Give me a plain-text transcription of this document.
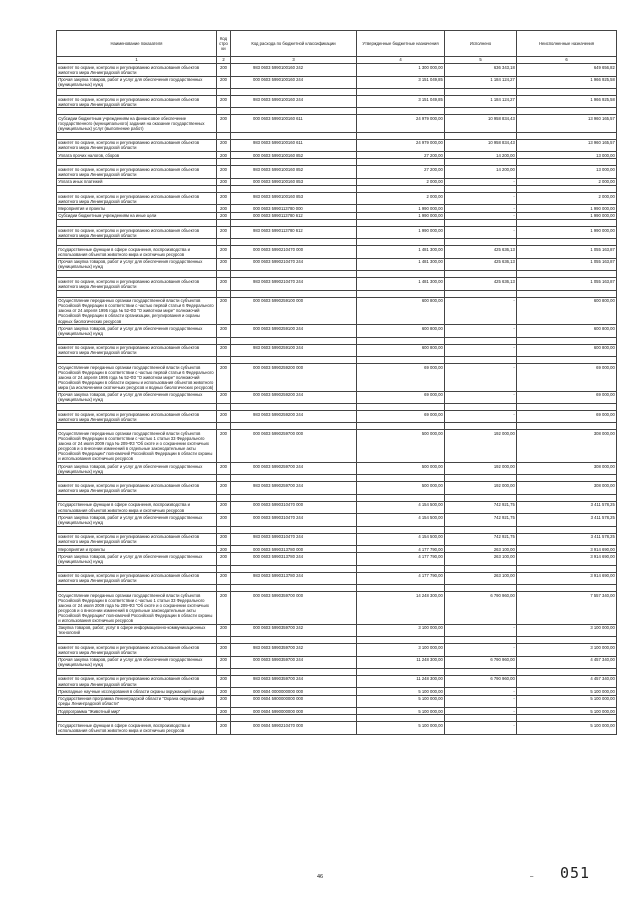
Наименование показателя	Код стро ки	Код расхода по бюджетной классификации	Утвержденные бюджетные назначения	Исполнено	Неисполненные назначения
1	2	3	4	5	6
комитет по охране, контролю и регулированию использования объектов животного мира Ленинградской области	200	983 0603 5990100160 242	1 300 000,00	636 343,18	649 656,82
Прочая закупка товаров, работ и услуг для обеспечения государственных (муниципальных) нужд	200	000 0603 5990100160 244	3 151 049,85	1 184 124,27	1 966 925,58

комитет по охране, контролю и регулированию использования объектов животного мира Ленинградской области	200	983 0603 5990100160 244	3 151 049,85	1 184 124,27	1 966 925,58

Субсидии бюджетным учреждениям на финансовое обеспечение государственного (муниципального) задания на оказание государственных (муниципальных) услуг (выполнение работ)	200	000 0603 5990100160 611	24 979 000,00	10 958 834,43	13 960 165,57

комитет по охране, контролю и регулированию использования объектов животного мира Ленинградской области	200	983 0603 5990100160 611	24 979 000,00	10 958 834,43	13 960 165,57
Уплата прочих налогов, сборов	200	000 0603 5990100160 852	27 200,00	14 200,00	13 000,00

комитет по охране, контролю и регулированию использования объектов животного мира Ленинградской области	200	983 0603 5990100160 852	27 200,00	14 200,00	13 000,00
Уплата иных платежей	200	000 0603 5990100160 853	2 000,00	-	2 000,00

комитет по охране, контролю и регулированию использования объектов животного мира Ленинградской области	200	983 0603 5990100160 853	2 000,00	-	2 000,00
Мероприятия и проекты	200	000 0603 5990113780 000	1 990 000,00	-	1 990 000,00
Субсидии бюджетным учреждениям на иные цели	200	000 0603 5990113780 612	1 990 000,00	-	1 990 000,00

комитет по охране, контролю и регулированию использования объектов животного мира Ленинградской области	200	983 0603 5990113780 612	1 990 000,00	-	1 990 000,00

Государственные функции в сфере сохранения, воспроизводства и использования объектов животного мира и охотничьих ресурсов	200	000 0603 5990210470 000	1 481 300,00	425 636,13	1 055 163,87
Прочая закупка товаров, работ и услуг для обеспечения государственных (муниципальных) нужд	200	000 0603 5990210470 244	1 481 300,00	425 636,13	1 055 163,87

комитет по охране, контролю и регулированию использования объектов животного мира Ленинградской области	200	983 0603 5990210470 244	1 481 300,00	425 636,13	1 055 163,87

Осуществление переданных органам государственной власти субъектов Российской Федерации в соответствии с частью первой статьи 6 Федерального закона от 24 апреля 1995 года № 52-ФЗ "О животном мире" полномочий Российской Федерации в области организации, регулирования и охраны водных биологических ресурсов	200	000 0603 5990259100 000	600 800,00	-	600 800,00
Прочая закупка товаров, работ и услуг для обеспечения государственных (муниципальных) нужд	200	000 0603 5990259100 244	600 800,00	-	600 800,00

комитет по охране, контролю и регулированию использования объектов животного мира Ленинградской области	200	983 0603 5990259100 244	600 800,00	-	600 800,00

Осуществление переданных органам государственной власти субъектов Российской Федерации в соответствии с частью первой статьи 6 Федерального закона от 24 апреля 1995 года № 52-ФЗ "О животном мире" полномочий Российской Федерации в области охраны и использования объектов животного мира (за исключением охотничьих ресурсов и водных биологических ресурсов)	200	000 0603 5990259200 000	69 000,00	-	69 000,00
Прочая закупка товаров, работ и услуг для обеспечения государственных (муниципальных) нужд	200	000 0603 5990259200 244	69 000,00	-	69 000,00

комитет по охране, контролю и регулированию использования объектов животного мира Ленинградской области	200	983 0603 5990259200 244	69 000,00	-	69 000,00

Осуществление переданных органам государственной власти субъектов Российской Федерации в соответствии с частью 1 статьи 33 Федерального закона от 24 июля 2009 года № 209-ФЗ "Об охоте и о сохранении охотничьих ресурсов и о внесении изменений в отдельные законодательные акты Российской Федерации" полномочий Российской Федерации в области охраны и использования охотничьих ресурсов	200	000 0603 5990259700 000	500 000,00	192 000,00	308 000,00
Прочая закупка товаров, работ и услуг для обеспечения государственных (муниципальных) нужд	200	000 0603 5990259700 244	500 000,00	192 000,00	308 000,00

комитет по охране, контролю и регулированию использования объектов животного мира Ленинградской области	200	983 0603 5990259700 244	500 000,00	192 000,00	308 000,00

Государственные функции в сфере сохранения, воспроизводства и использования объектов животного мира и охотничьих ресурсов	200	000 0603 5990310470 000	4 154 500,00	742 921,75	3 411 578,25
Прочая закупка товаров, работ и услуг для обеспечения государственных (муниципальных) нужд	200	000 0603 5990310470 244	4 154 500,00	742 921,75	3 411 578,25

комитет по охране, контролю и регулированию использования объектов животного мира Ленинградской области	200	983 0603 5990310470 244	4 154 500,00	742 921,75	3 411 578,25
Мероприятия и проекты	200	000 0603 5990313780 000	4 177 790,00	263 100,00	3 914 690,00
Прочая закупка товаров, работ и услуг для обеспечения государственных (муниципальных) нужд	200	000 0603 5990313780 244	4 177 790,00	263 100,00	3 914 690,00

комитет по охране, контролю и регулированию использования объектов животного мира Ленинградской области	200	983 0603 5990313780 244	4 177 790,00	263 100,00	3 914 690,00

Осуществление переданных органам государственной власти субъектов Российской Федерации в соответствии с частью 1 статьи 33 Федерального закона от 24 июля 2009 года № 209-ФЗ "Об охоте и о сохранении охотничьих ресурсов и о внесении изменений в отдельные законодательные акты Российской Федерации" полномочий Российской Федерации в области охраны и использования охотничьих ресурсов	200	000 0603 5990359700 000	14 248 300,00	6 790 960,00	7 557 340,00
Закупка товаров, работ, услуг в сфере информационно-коммуникационных технологий	200	000 0603 5990359700 242	3 100 000,00	-	3 100 000,00

комитет по охране, контролю и регулированию использования объектов животного мира Ленинградской области	200	983 0603 5990359700 242	3 100 000,00	-	3 100 000,00
Прочая закупка товаров, работ и услуг для обеспечения государственных (муниципальных) нужд	200	000 0603 5990359700 244	11 248 300,00	6 790 960,00	4 457 340,00

комитет по охране, контролю и регулированию использования объектов животного мира Ленинградской области	200	983 0603 5990359700 244	11 248 300,00	6 790 960,00	4 457 340,00
Прикладные научные исследования в области охраны окружающей среды	200	000 0604 0000000000 000	5 100 000,00	-	5 100 000,00
Государственная программа Ленинградской области "Охрана окружающей среды Ленинградской области"	200	000 0604 5900000000 000	5 100 000,00	-	5 100 000,00
Подпрограмма "Животный мир"	200	000 0604 5990000000 000	5 100 000,00	-	5 100 000,00

Государственные функции в сфере сохранения, воспроизводства и использования объектов животного мира и охотничьих ресурсов	200	000 0604 5990210470 000	5 100 000,00	-	5 100 000,00
46	– 051
